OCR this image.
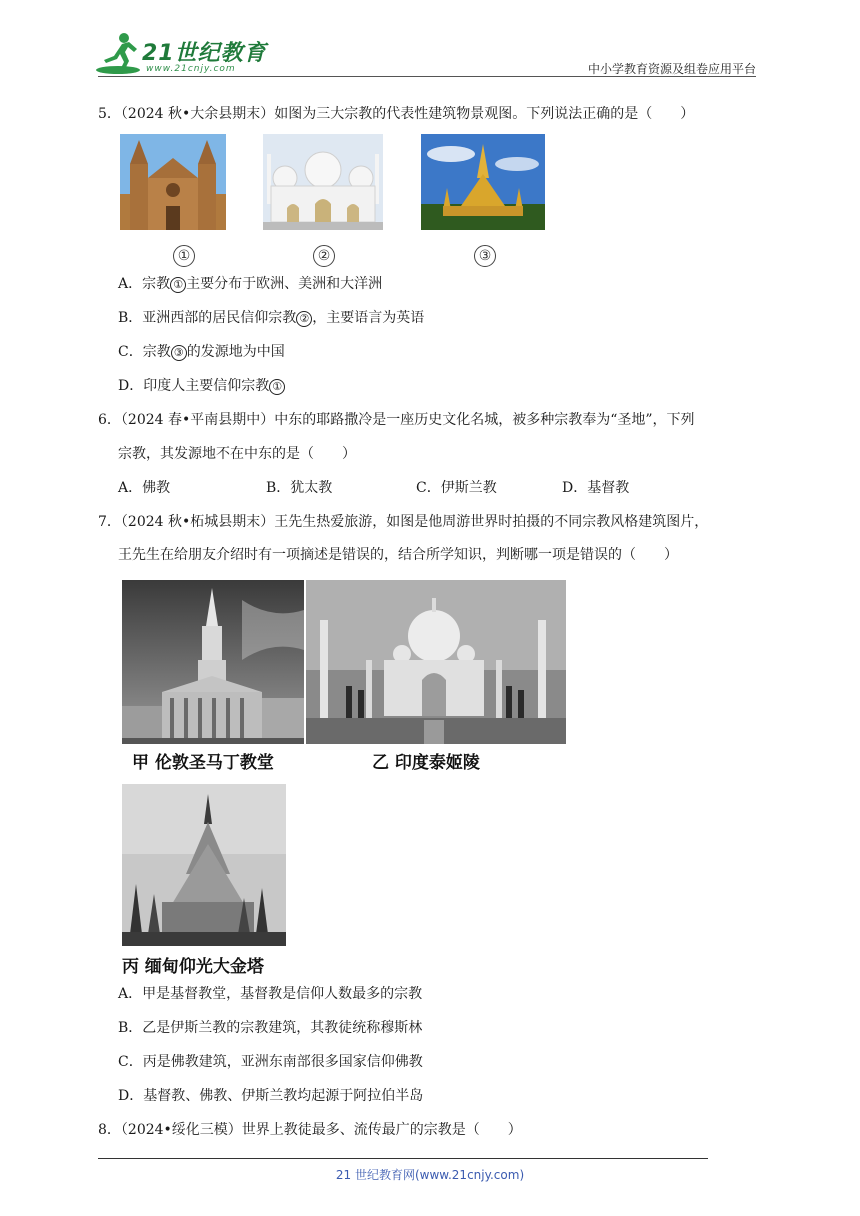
21世纪教育
www.21cnjy.com	中小学教育资源及组卷应用平台
5．（2024 秋•大余县期末）如图为三大宗教的代表性建筑物景观图。下列说法正确的是（　　）
①	②	③
A．宗教 ① 主要分布于欧洲、美洲和大洋洲
B．亚洲西部的居民信仰宗教 ② ，主要语言为英语
C．宗教 ③ 的发源地为中国
D．印度人主要信仰宗教 ①
6．（2024 春•平南县期中）中东的耶路撒冷是一座历史文化名城，被多种宗教奉为“圣地”，下列
宗教，其发源地不在中东的是（　　）
A．佛教	B．犹太教	C．伊斯兰教	D．基督教
7．（2024 秋•柘城县期末）王先生热爱旅游，如图是他周游世界时拍摄的不同宗教风格建筑图片，
王先生在给朋友介绍时有一项摘述是错误的，结合所学知识，判断哪一项是错误的（　　）
甲 伦敦圣马丁教堂	乙 印度泰姬陵
丙 缅甸仰光大金塔
A．甲是基督教堂，基督教是信仰人数最多的宗教
B．乙是伊斯兰教的宗教建筑，其教徒统称穆斯林
C．丙是佛教建筑，亚洲东南部很多国家信仰佛教
D．基督教、佛教、伊斯兰教均起源于阿拉伯半岛
8．（2024•绥化三模）世界上教徒最多、流传最广的宗教是（　　）
21 世纪教育网(www.21cnjy.com)
